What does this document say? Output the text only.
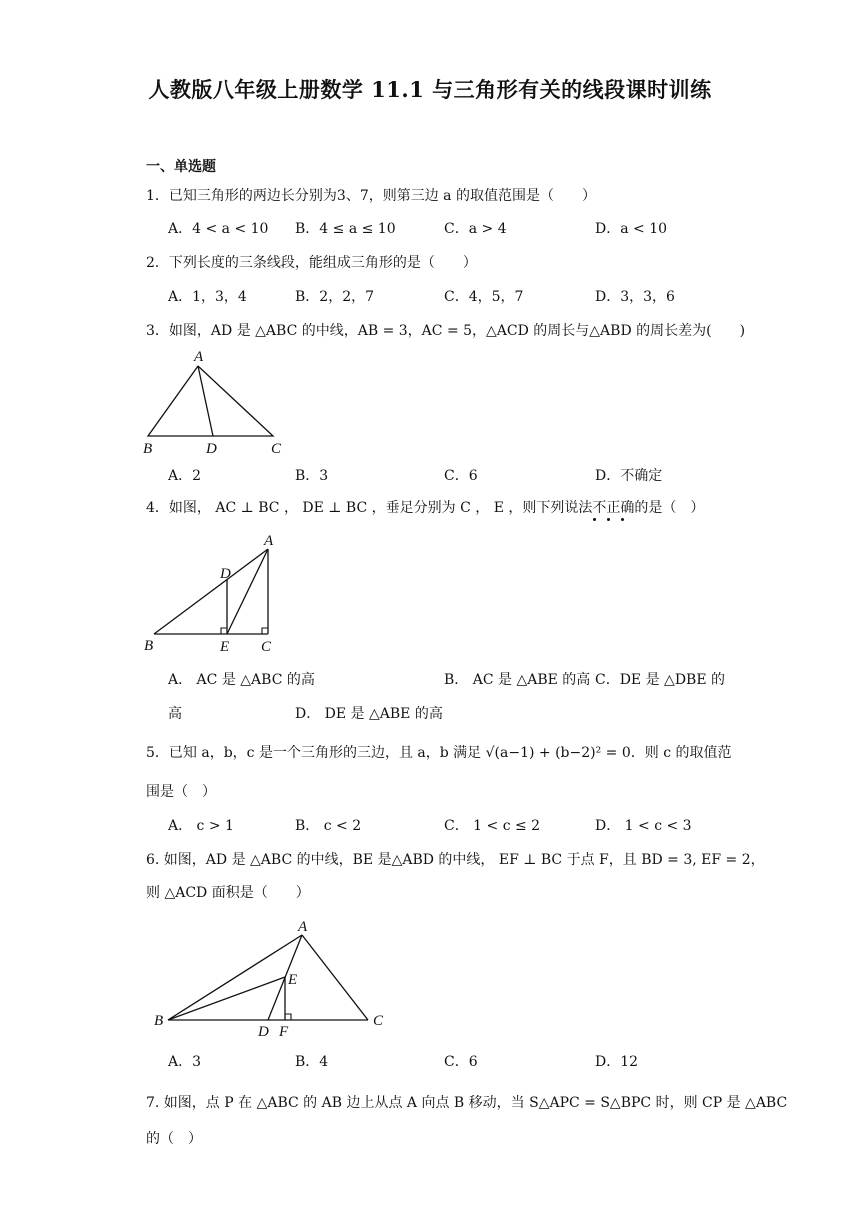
人教版八年级上册数学 11.1 与三角形有关的线段课时训练
一、单选题
1．已知三角形的两边长分别为3、7，则第三边 a 的取值范围是（　　）
A．4 < a < 10 B．4 ≤ a ≤ 10	C．a > 4	D．a < 10
2．下列长度的三条线段，能组成三角形的是（　　）
A．1，3，4	B．2，2，7	C．4，5，7	D．3，3，6
3．如图，AD 是 △ABC 的中线，AB = 3，AC = 5，△ACD 的周长与△ABD 的周长差为(　　)
A
B	D	C
A．2	B．3	C．6	D．不确定
4．如图， AC ⊥ BC ， DE ⊥ BC ，垂足分别为 C ， E ，则下列说法不正确的是（　）
A
D
B	E C
A． AC 是 △ABC 的高	B． AC 是 △ABE 的高 C．DE 是 △DBE 的
高	D． DE 是 △ABE 的高
5．已知 a，b，c 是一个三角形的三边，且 a，b 满足 √(a−1) + (b−2)² = 0．则 c 的取值范
围是（　）
A． c > 1	B． c < 2	C． 1 < c ≤ 2	D． 1 < c < 3
6. 如图，AD 是 △ABC 的中线，BE 是△ABD 的中线， EF ⊥ BC 于点 F，且 BD = 3, EF = 2，
则 △ACD 面积是（　　）
A
E
B
D F
C
A．3	B．4	C．6	D．12
7. 如图，点 P 在 △ABC 的 AB 边上从点 A 向点 B 移动，当 S△APC = S△BPC 时，则 CP 是 △ABC
的（　）
